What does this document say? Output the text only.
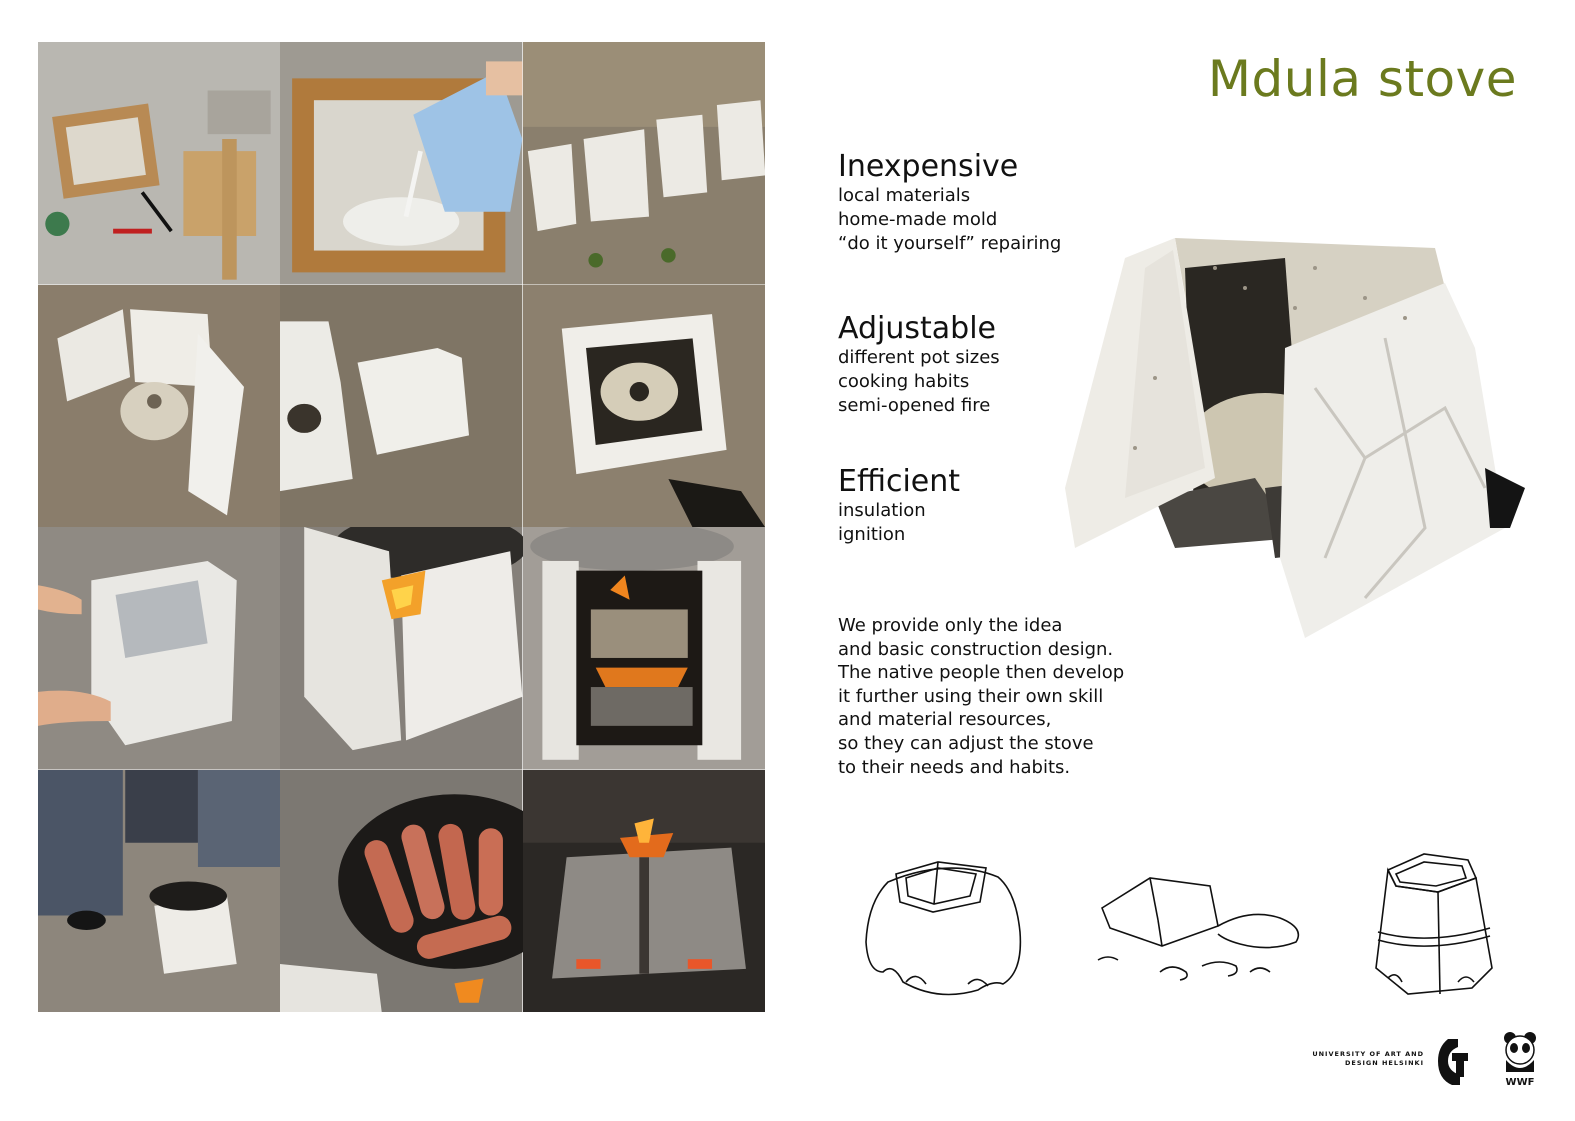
Mdula stove
Inexpensive
local materials
home-made mold
“do it yourself” repairing
Adjustable
different pot sizes
cooking habits
semi-opened fire
Efficient
insulation
ignition
We provide only the idea
and basic construction design.
The native people then develop
it further using their own skill
and material resources,
so they can adjust the stove
to their needs and habits.
UNIVERSITY OF ART AND
DESIGN HELSINKI
WWF
